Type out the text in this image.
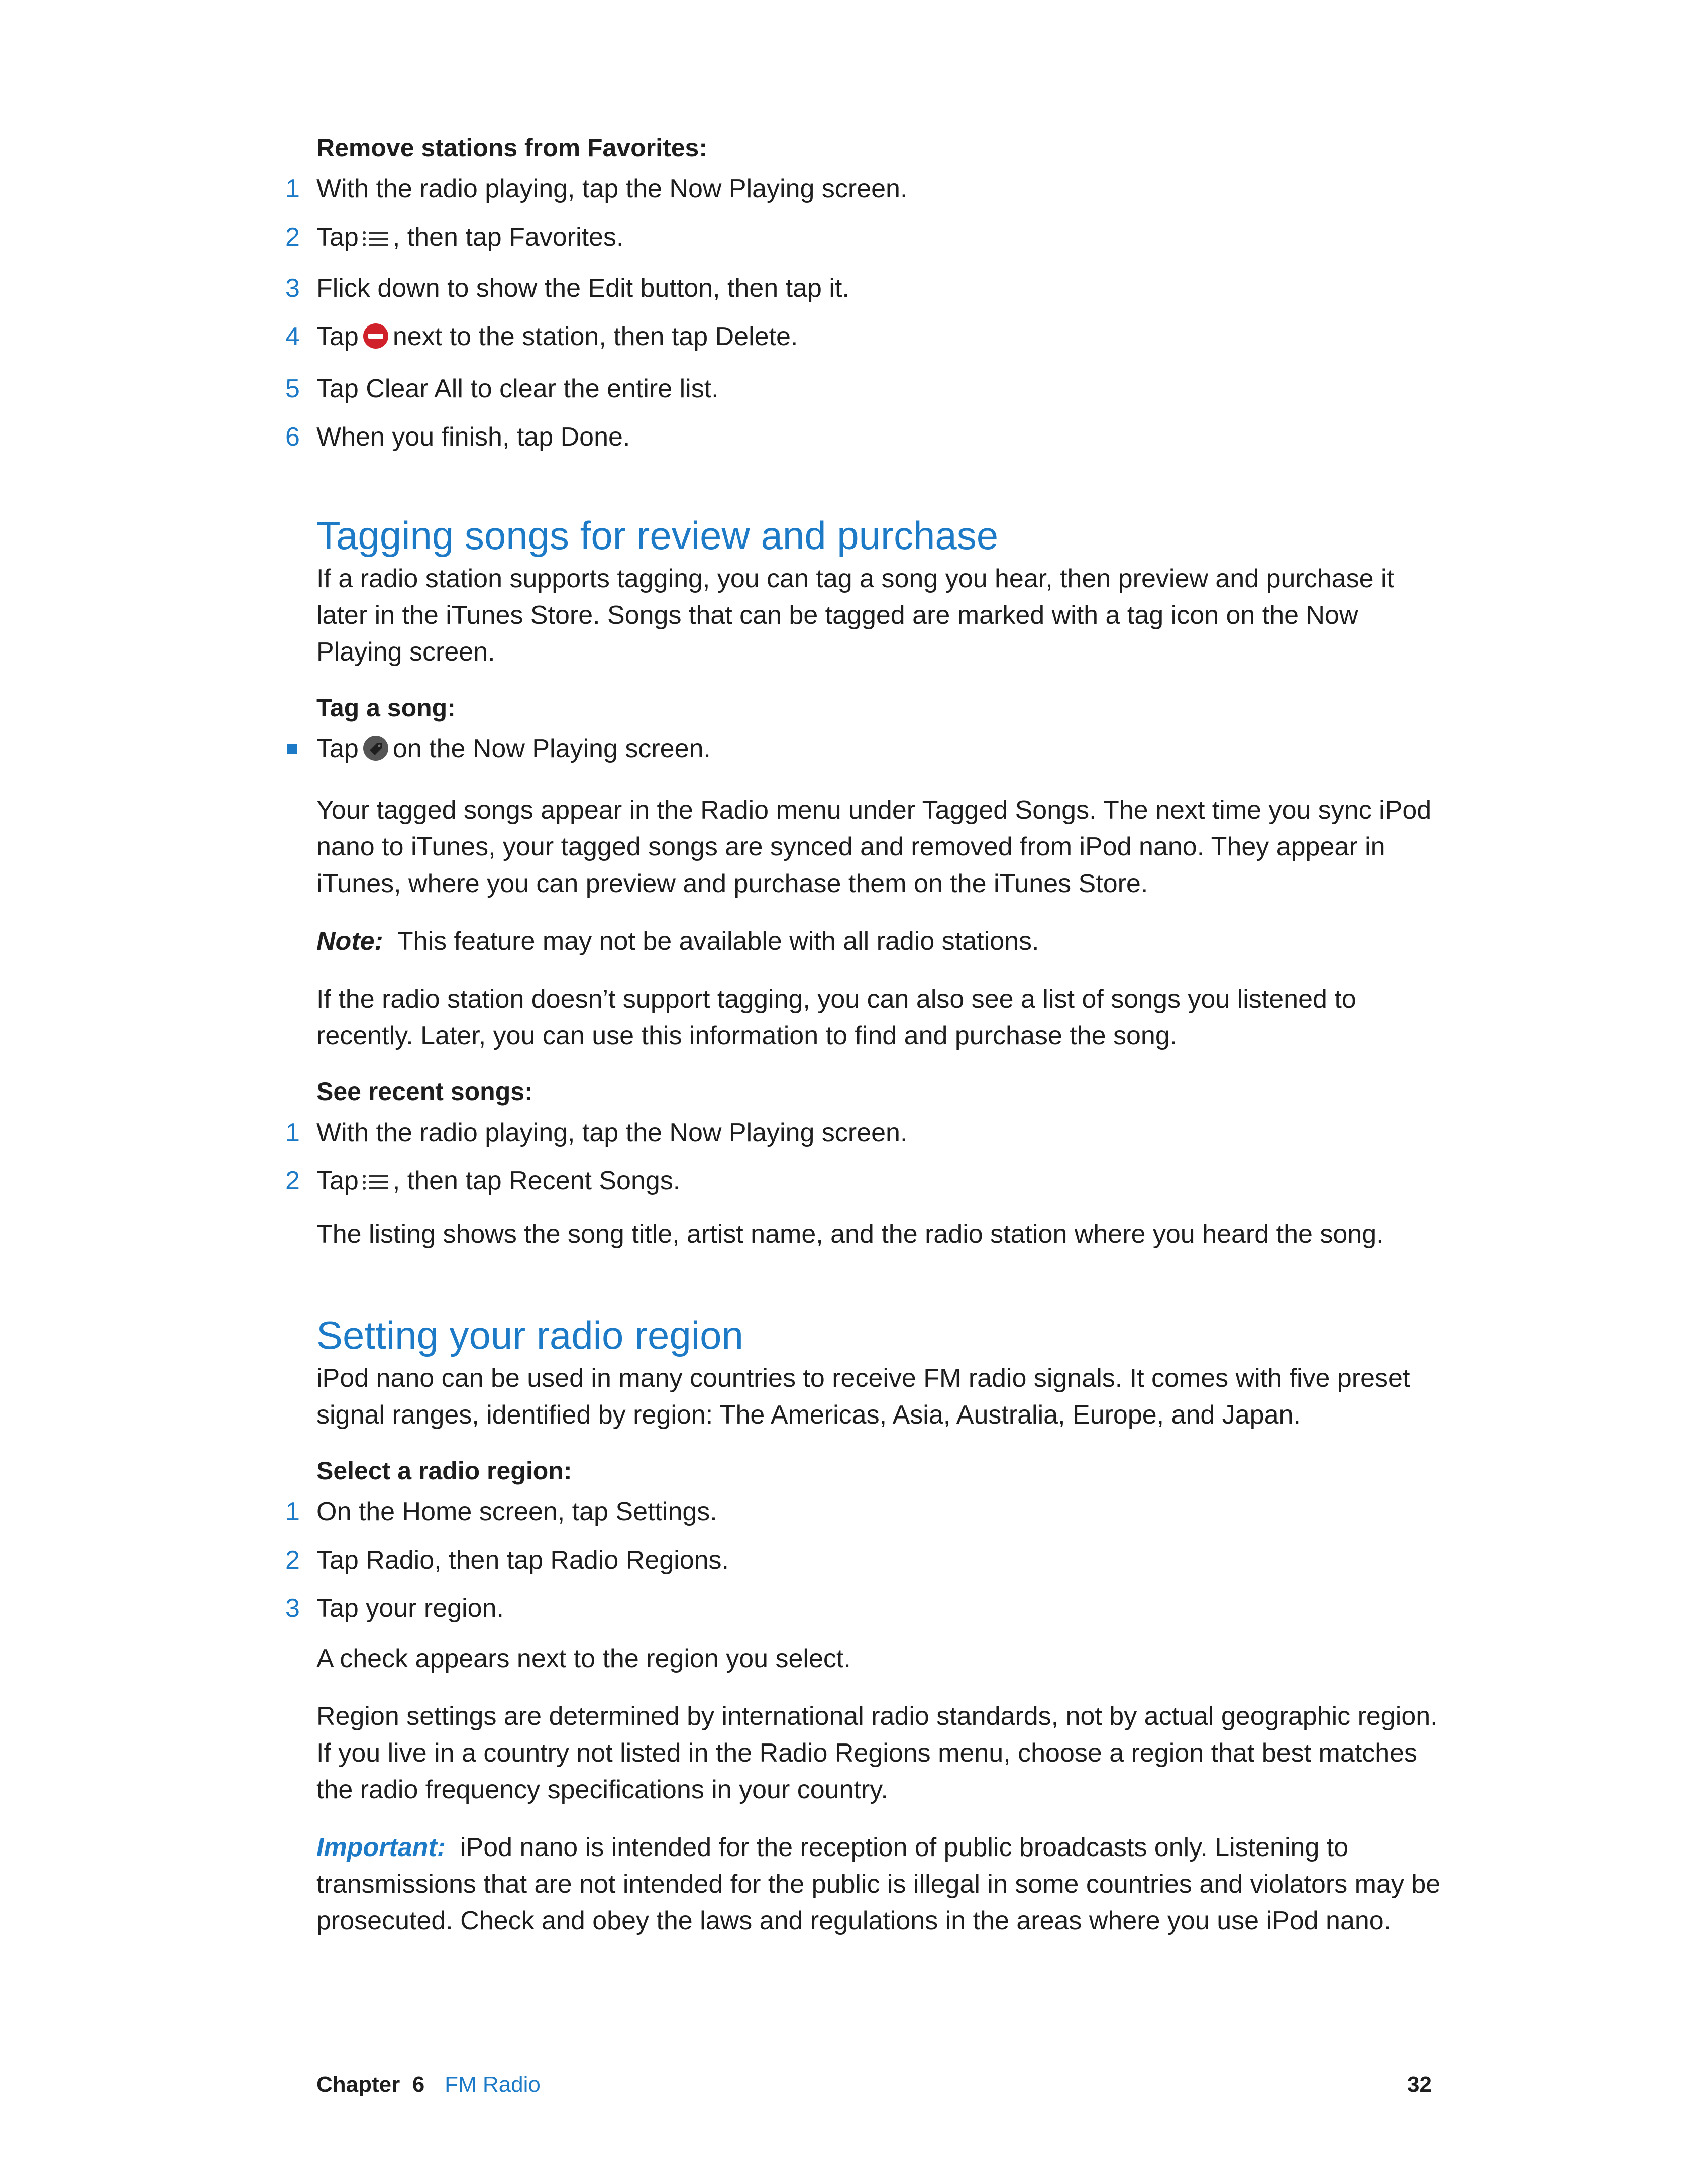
Remove stations from Favorites:
1 With the radio playing, tap the Now Playing screen.
2 Tap , then tap Favorites.
3 Flick down to show the Edit button, then tap it.
4 Tap next to the station, then tap Delete.
5 Tap Clear All to clear the entire list.
6 When you finish, tap Done.
Tagging songs for review and purchase

If a radio station supports tagging, you can tag a song you hear, then preview and purchase it later in the iTunes Store. Songs that can be tagged are marked with a tag icon on the Now Playing screen.

Tag a song:
Tap on the Now Playing screen.

Your tagged songs appear in the Radio menu under Tagged Songs. The next time you sync iPod nano to iTunes, your tagged songs are synced and removed from iPod nano. They appear in iTunes, where you can preview and purchase them on the iTunes Store.

Note: This feature may not be available with all radio stations.

If the radio station doesn’t support tagging, you can also see a list of songs you listened to recently. Later, you can use this information to find and purchase the song.

See recent songs:
1 With the radio playing, tap the Now Playing screen.
2 Tap , then tap Recent Songs.

The listing shows the song title, artist name, and the radio station where you heard the song.

Setting your radio region

iPod nano can be used in many countries to receive FM radio signals. It comes with five preset signal ranges, identified by region: The Americas, Asia, Australia, Europe, and Japan.

Select a radio region:
1 On the Home screen, tap Settings.
2 Tap Radio, then tap Radio Regions.
3 Tap your region.

A check appears next to the region you select.

Region settings are determined by international radio standards, not by actual geographic region. If you live in a country not listed in the Radio Regions menu, choose a region that best matches the radio frequency specifications in your country.

Important: iPod nano is intended for the reception of public broadcasts only. Listening to transmissions that are not intended for the public is illegal in some countries and violators may be prosecuted. Check and obey the laws and regulations in the areas where you use iPod nano.

Chapter  6 FM Radio	32
